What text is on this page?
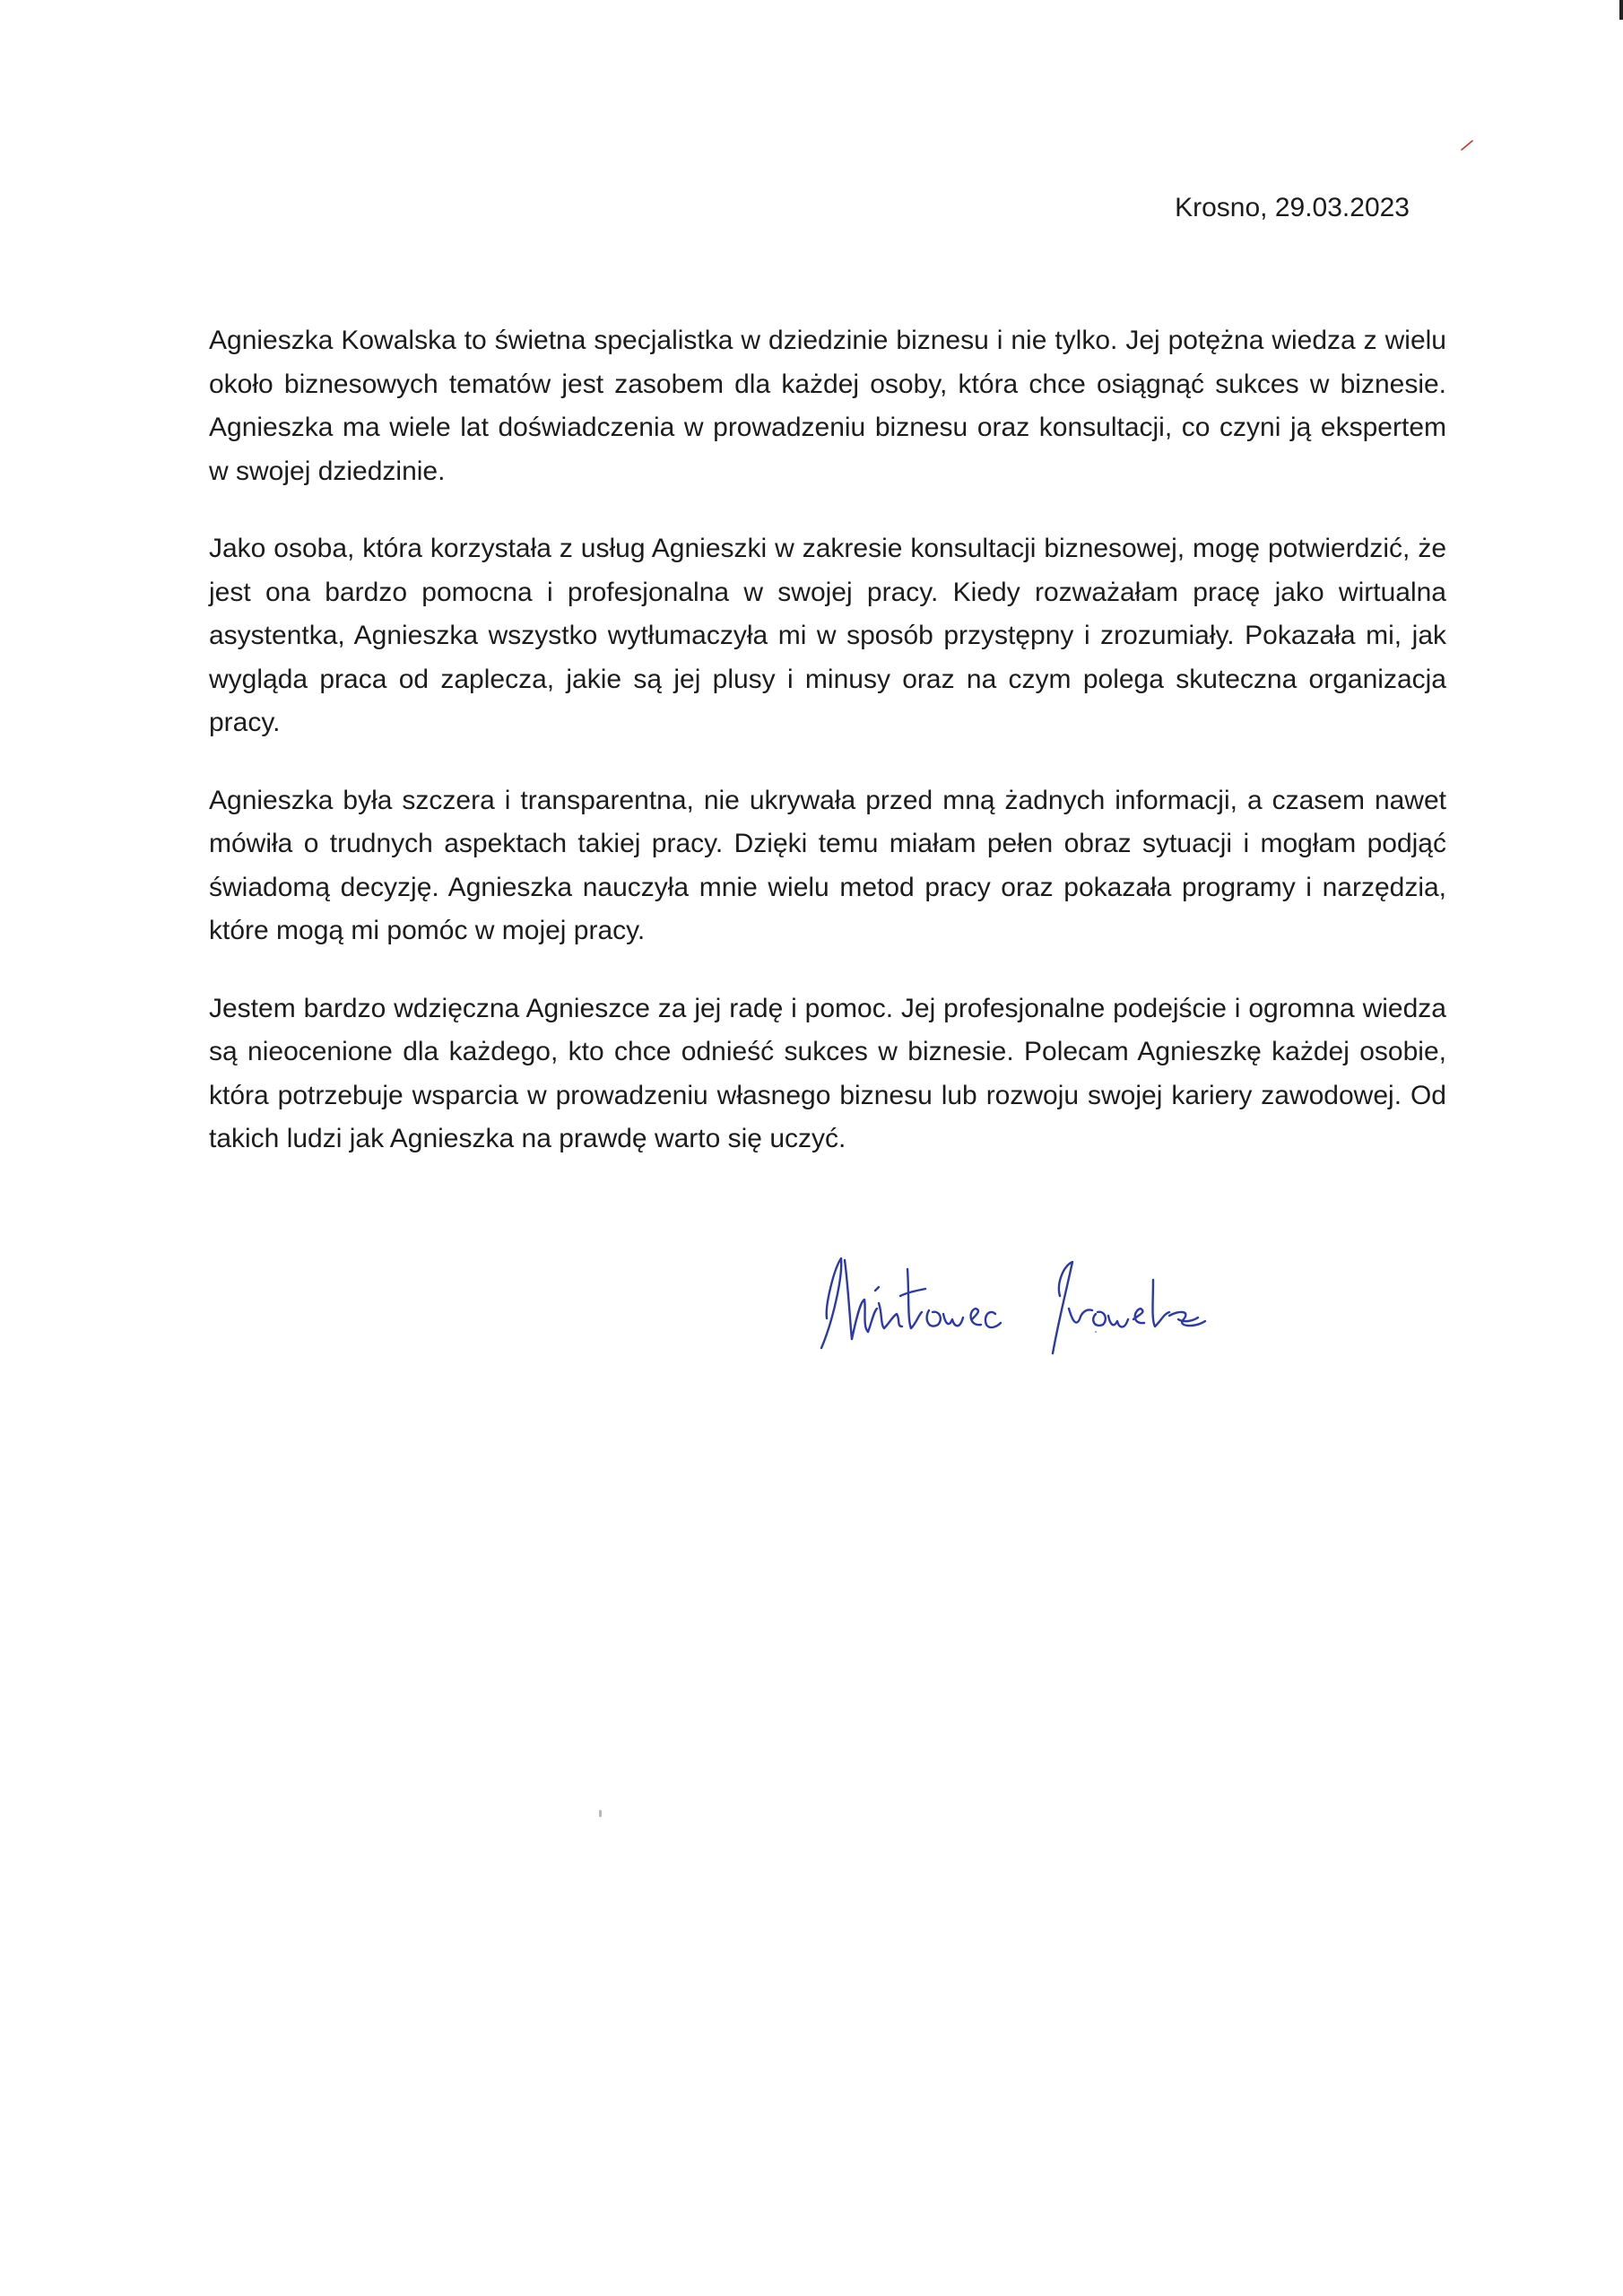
Krosno, 29.03.2023

Agnieszka Kowalska to świetna specjalistka w dziedzinie biznesu i nie tylko. Jej potężna wiedza z wielu około biznesowych tematów jest zasobem dla każdej osoby, która chce osiągnąć sukces w biznesie. Agnieszka ma wiele lat doświadczenia w prowadzeniu biznesu oraz konsultacji, co czyni ją ekspertem w swojej dziedzinie.

Jako osoba, która korzystała z usług Agnieszki w zakresie konsultacji biznesowej, mogę potwierdzić, że jest ona bardzo pomocna i profesjonalna w swojej pracy. Kiedy rozważałam pracę jako wirtualna asystentka, Agnieszka wszystko wytłumaczyła mi w sposób przystępny i zrozumiały. Pokazała mi, jak wygląda praca od zaplecza, jakie są jej plusy i minusy oraz na czym polega skuteczna organizacja pracy.

Agnieszka była szczera i transparentna, nie ukrywała przed mną żadnych informacji, a czasem nawet mówiła o trudnych aspektach takiej pracy. Dzięki temu miałam pełen obraz sytuacji i mogłam podjąć świadomą decyzję. Agnieszka nauczyła mnie wielu metod pracy oraz pokazała programy i narzędzia, które mogą mi pomóc w mojej pracy.

Jestem bardzo wdzięczna Agnieszce za jej radę i pomoc. Jej profesjonalne podejście i ogromna wiedza są nieocenione dla każdego, kto chce odnieść sukces w biznesie. Polecam Agnieszkę każdej osobie, która potrzebuje wsparcia w prowadzeniu własnego biznesu lub rozwoju swojej kariery zawodowej. Od takich ludzi jak Agnieszka na prawdę warto się uczyć.
